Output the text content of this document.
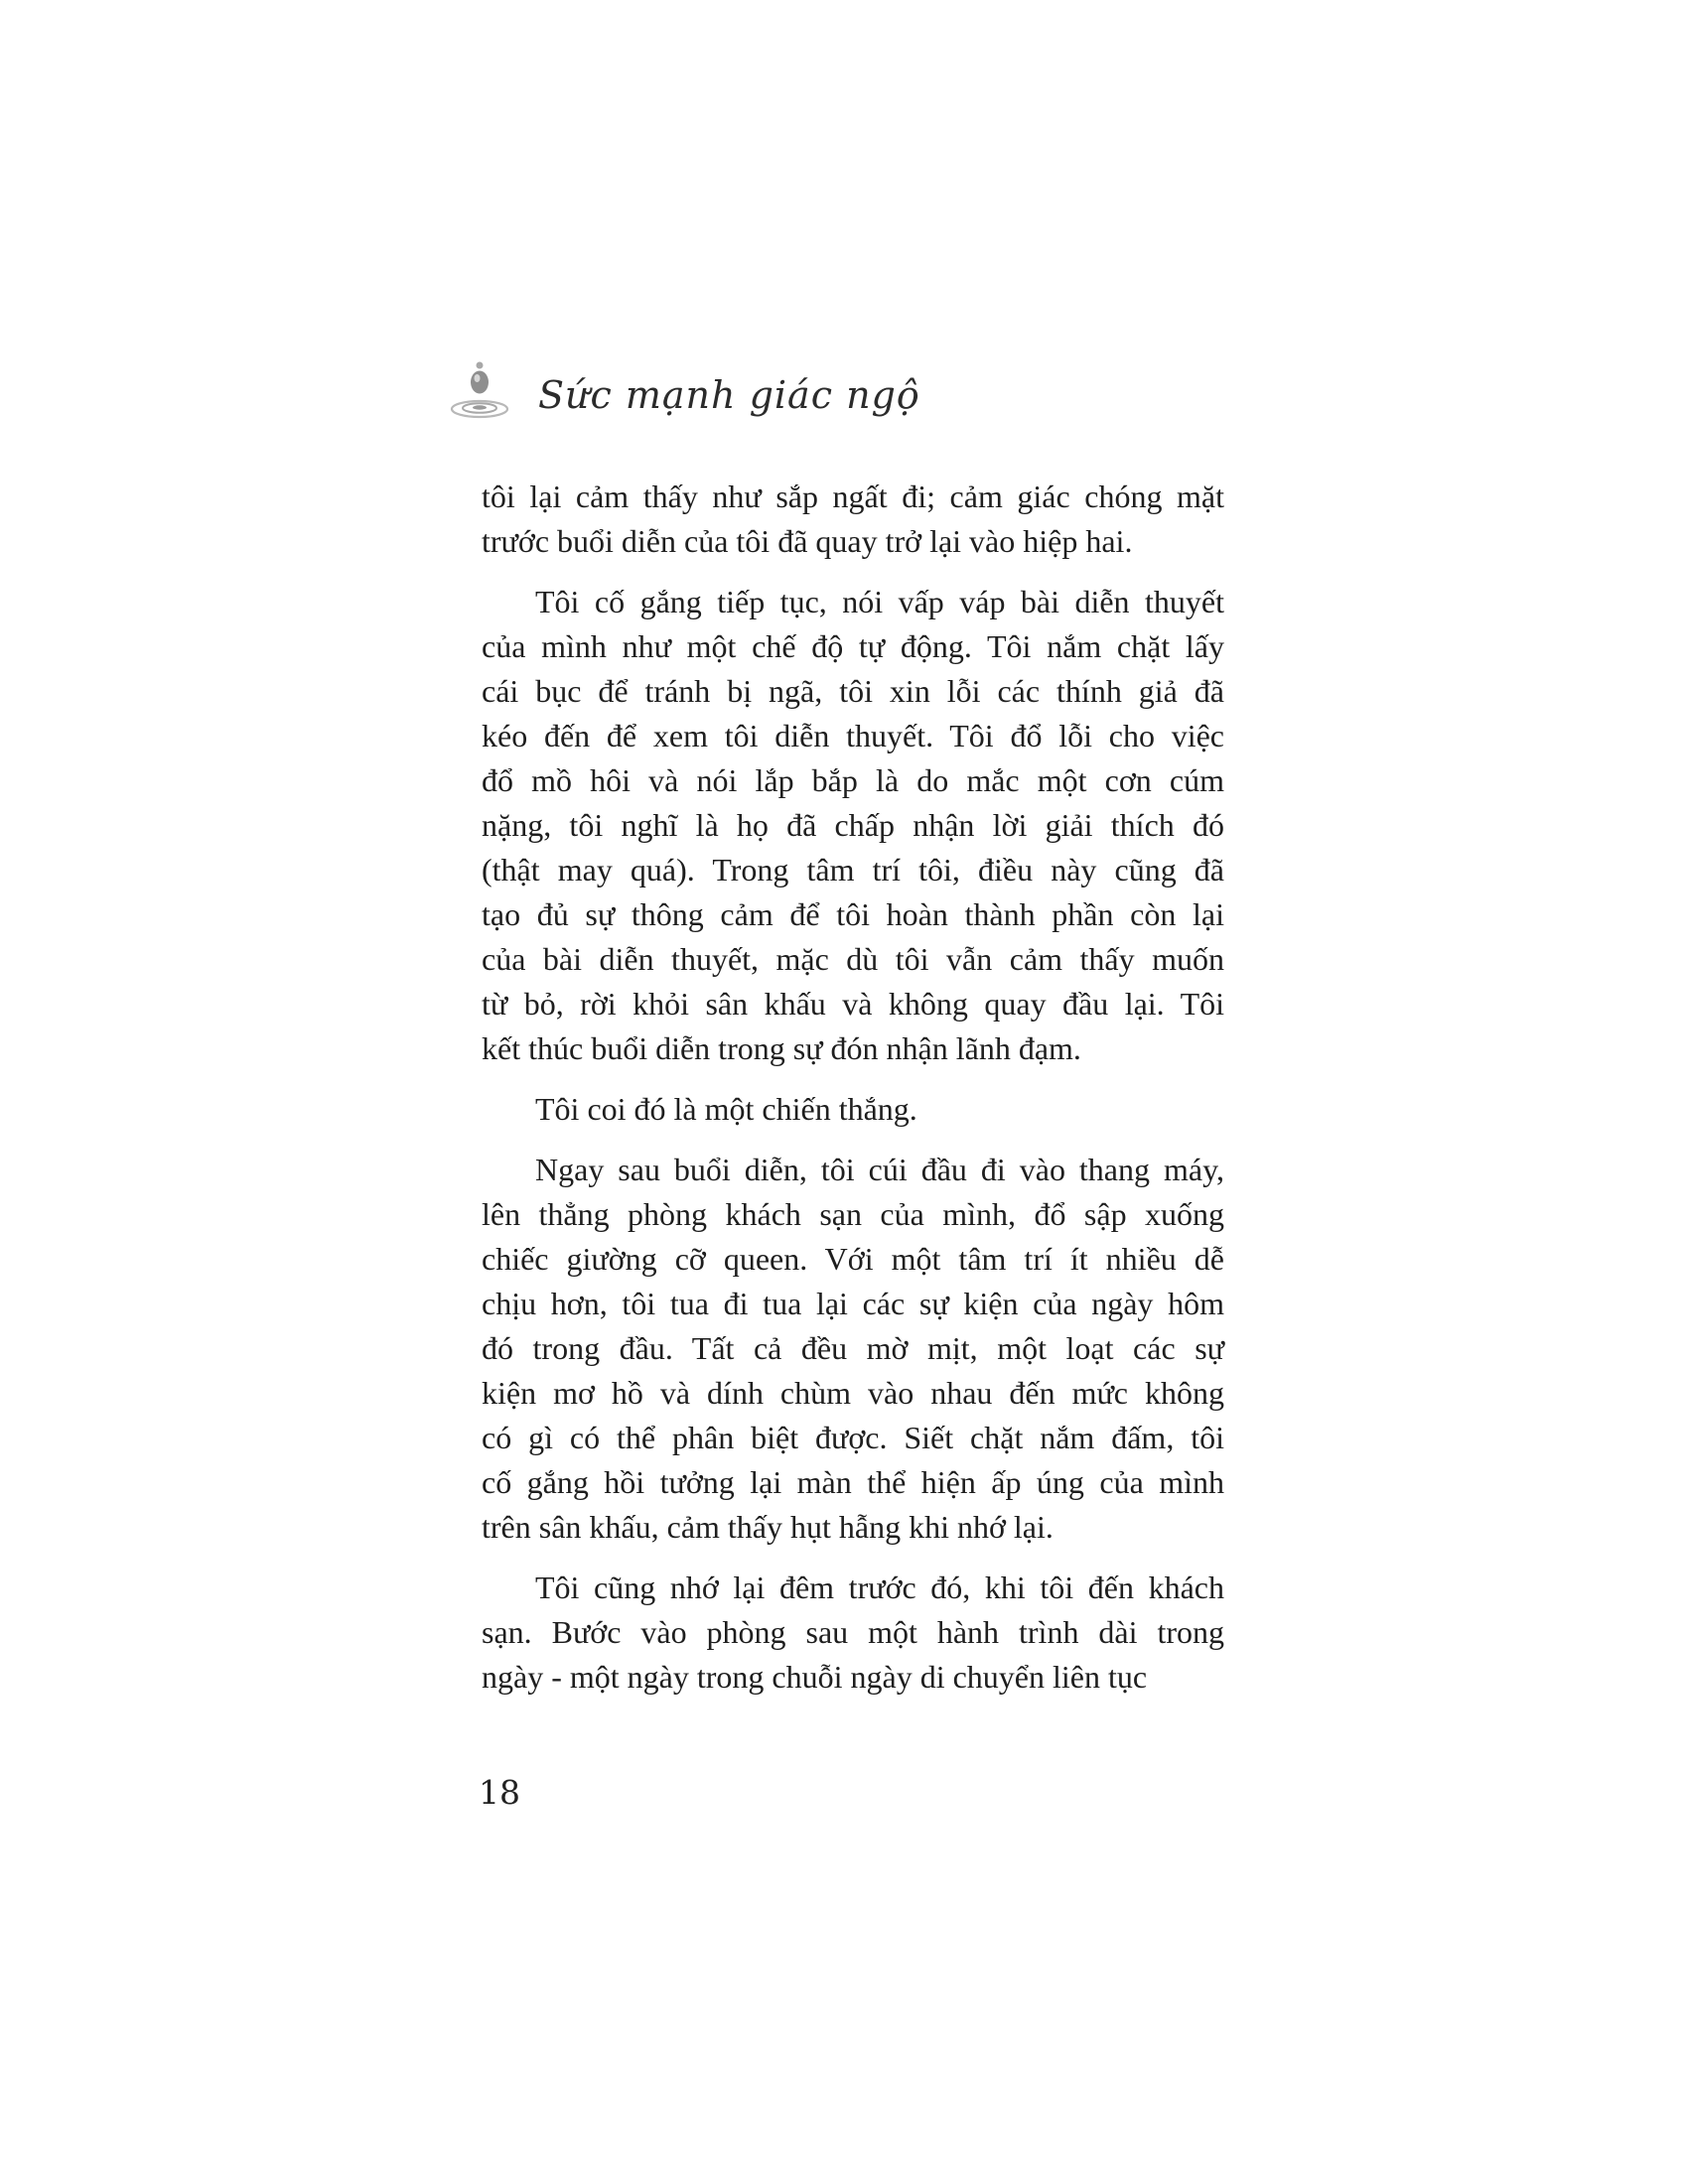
Sức mạnh giác ngộ
tôi lại cảm thấy như sắp ngất đi; cảm giác chóng mặt
trước buổi diễn của tôi đã quay trở lại vào hiệp hai.
Tôi cố gắng tiếp tục, nói vấp váp bài diễn thuyết
của mình như một chế độ tự động. Tôi nắm chặt lấy
cái bục để tránh bị ngã, tôi xin lỗi các thính giả đã
kéo đến để xem tôi diễn thuyết. Tôi đổ lỗi cho việc
đổ mồ hôi và nói lắp bắp là do mắc một cơn cúm
nặng, tôi nghĩ là họ đã chấp nhận lời giải thích đó
(thật may quá). Trong tâm trí tôi, điều này cũng đã
tạo đủ sự thông cảm để tôi hoàn thành phần còn lại
của bài diễn thuyết, mặc dù tôi vẫn cảm thấy muốn
từ bỏ, rời khỏi sân khấu và không quay đầu lại. Tôi
kết thúc buổi diễn trong sự đón nhận lãnh đạm.
Tôi coi đó là một chiến thắng.
Ngay sau buổi diễn, tôi cúi đầu đi vào thang máy,
lên thẳng phòng khách sạn của mình, đổ sập xuống
chiếc giường cỡ queen. Với một tâm trí ít nhiều dễ
chịu hơn, tôi tua đi tua lại các sự kiện của ngày hôm
đó trong đầu. Tất cả đều mờ mịt, một loạt các sự
kiện mơ hồ và dính chùm vào nhau đến mức không
có gì có thể phân biệt được. Siết chặt nắm đấm, tôi
cố gắng hồi tưởng lại màn thể hiện ấp úng của mình
trên sân khấu, cảm thấy hụt hẫng khi nhớ lại.
Tôi cũng nhớ lại đêm trước đó, khi tôi đến khách
sạn. Bước vào phòng sau một hành trình dài trong
ngày - một ngày trong chuỗi ngày di chuyển liên tục
18
